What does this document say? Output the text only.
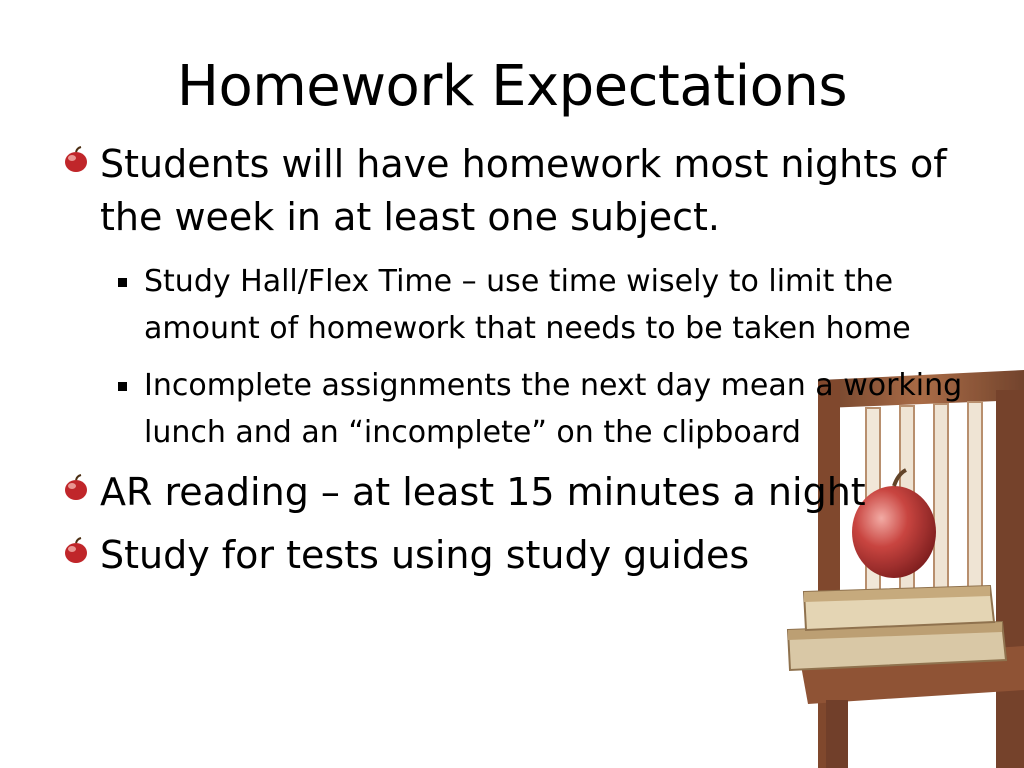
Homework Expectations
Students will have homework most nights of the week in at least one subject.
Study Hall/Flex Time – use time wisely to limit the amount of homework that needs to be taken home
Incomplete assignments the next day mean a working lunch and an “incomplete” on the clipboard
AR reading – at least 15 minutes a night
Study for tests using study guides
